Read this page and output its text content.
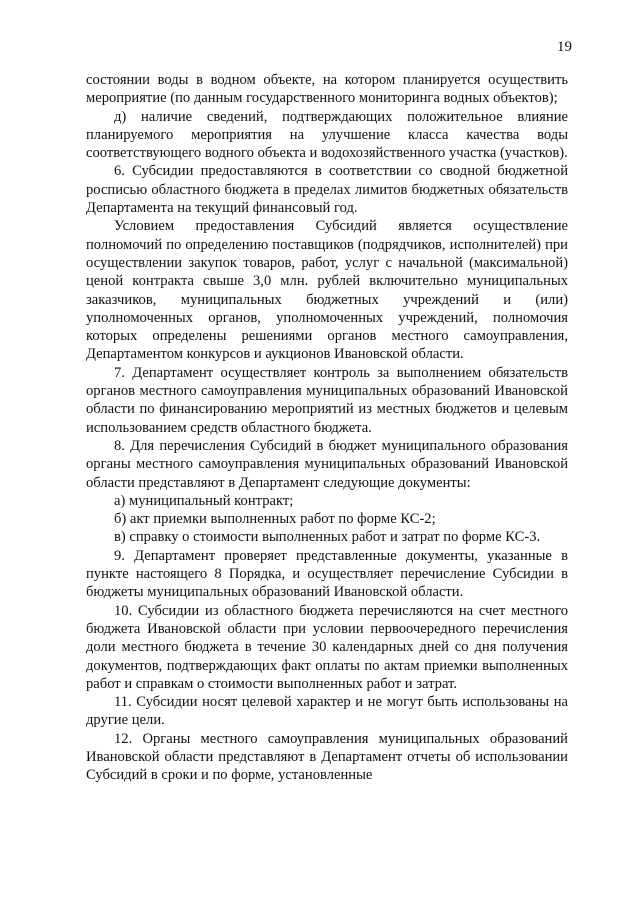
19

состоянии воды в водном объекте, на котором планируется осуществить мероприятие (по данным государственного мониторинга водных объектов);

д) наличие сведений, подтверждающих положительное влияние планируемого мероприятия на улучшение класса качества воды соответствующего водного объекта и водохозяйственного участка (участков).

6. Субсидии предоставляются в соответствии со сводной бюджетной росписью областного бюджета в пределах лимитов бюджетных обязательств Департамента на текущий финансовый год.

Условием предоставления Субсидий является осуществление полномочий по определению поставщиков (подрядчиков, исполнителей) при осуществлении закупок товаров, работ, услуг с начальной (максимальной) ценой контракта свыше 3,0 млн. рублей включительно муниципальных заказчиков, муниципальных бюджетных учреждений и (или) уполномоченных органов, уполномоченных учреждений, полномочия которых определены решениями органов местного самоуправления, Департаментом конкурсов и аукционов Ивановской области.

7. Департамент осуществляет контроль за выполнением обязательств органов местного самоуправления муниципальных образований Ивановской области по финансированию мероприятий из местных бюджетов и целевым использованием средств областного бюджета.

8. Для перечисления Субсидий в бюджет муниципального образования органы местного самоуправления муниципальных образований Ивановской области представляют в Департамент следующие документы:

а) муниципальный контракт;

б) акт приемки выполненных работ по форме КС-2;

в) справку о стоимости выполненных работ и затрат по форме КС-3.

9. Департамент проверяет представленные документы, указанные в пункте настоящего 8 Порядка, и осуществляет перечисление Субсидии в бюджеты муниципальных образований Ивановской области.

10. Субсидии из областного бюджета перечисляются на счет местного бюджета Ивановской области при условии первоочередного перечисления доли местного бюджета в течение 30 календарных дней со дня получения документов, подтверждающих факт оплаты по актам приемки выполненных работ и справкам о стоимости выполненных работ и затрат.

11. Субсидии носят целевой характер и не могут быть использованы на другие цели.

12. Органы местного самоуправления муниципальных образований Ивановской области представляют в Департамент отчеты об использовании Субсидий в сроки и по форме, установленные
